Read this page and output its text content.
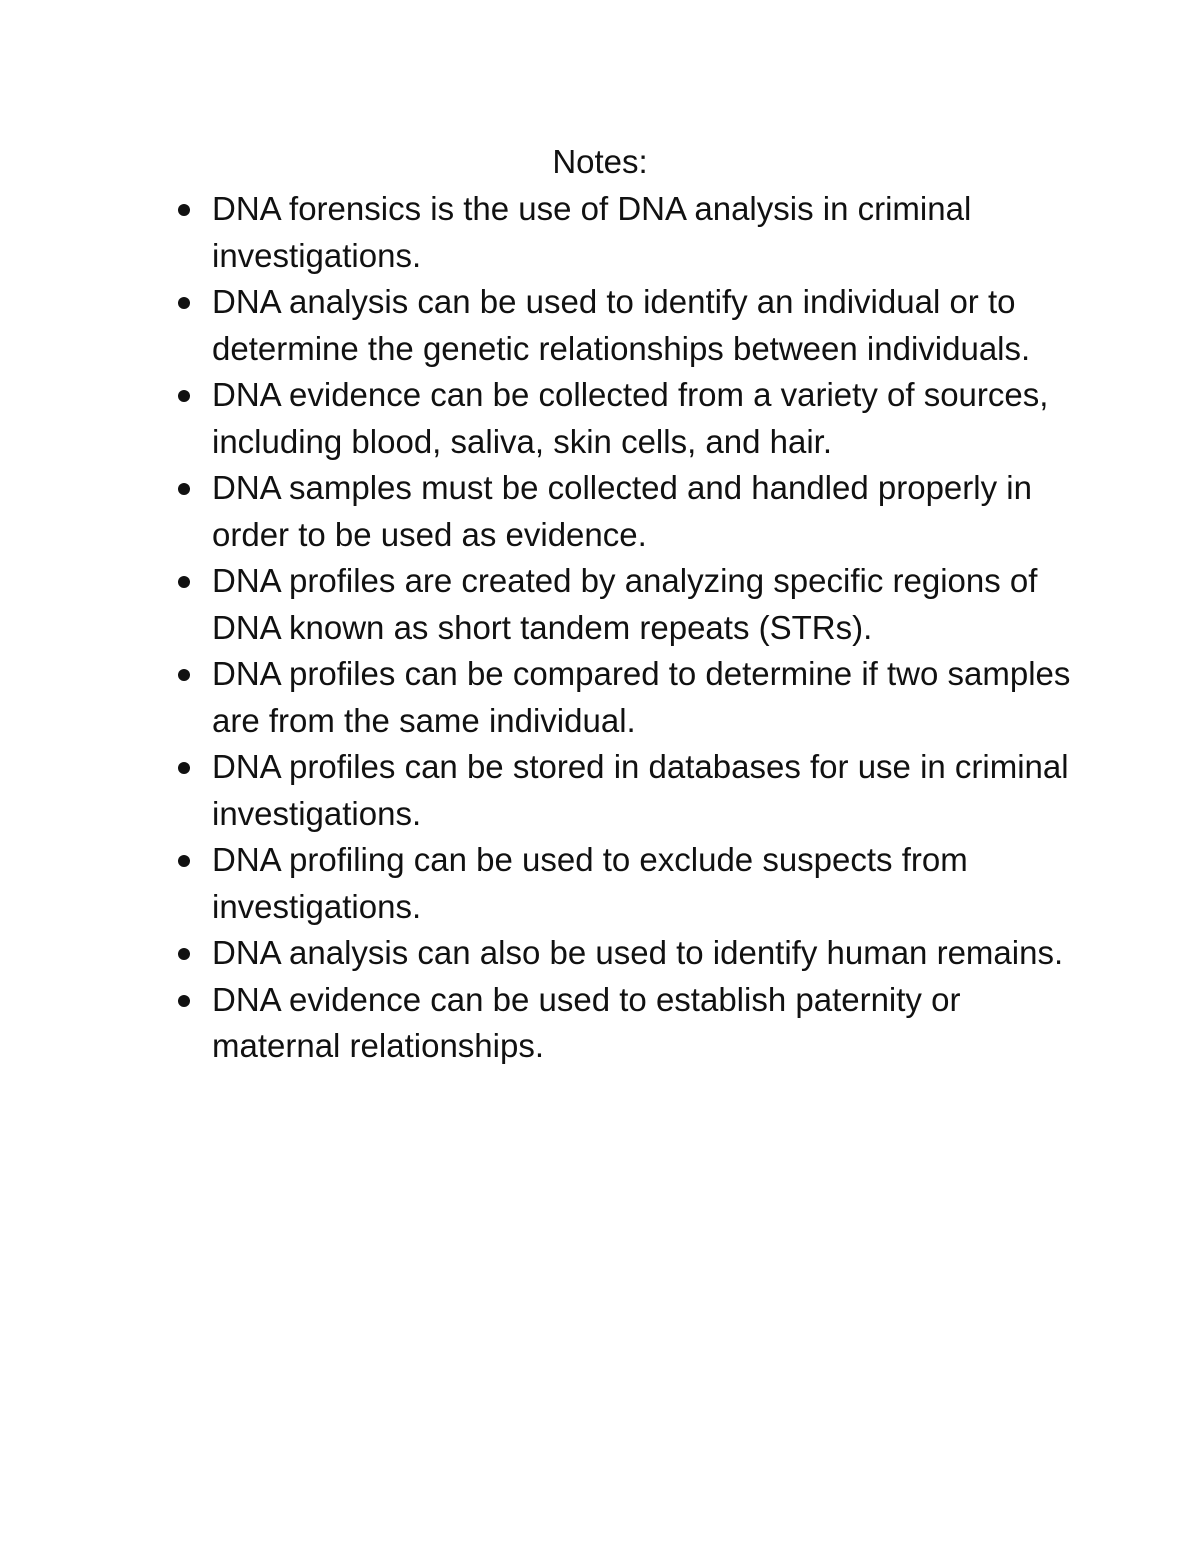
Notes:
DNA forensics is the use of DNA analysis in criminal investigations.
DNA analysis can be used to identify an individual or to determine the genetic relationships between individuals.
DNA evidence can be collected from a variety of sources, including blood, saliva, skin cells, and hair.
DNA samples must be collected and handled properly in order to be used as evidence.
DNA profiles are created by analyzing specific regions of DNA known as short tandem repeats (STRs).
DNA profiles can be compared to determine if two samples are from the same individual.
DNA profiles can be stored in databases for use in criminal investigations.
DNA profiling can be used to exclude suspects from investigations.
DNA analysis can also be used to identify human remains.
DNA evidence can be used to establish paternity or maternal relationships.
